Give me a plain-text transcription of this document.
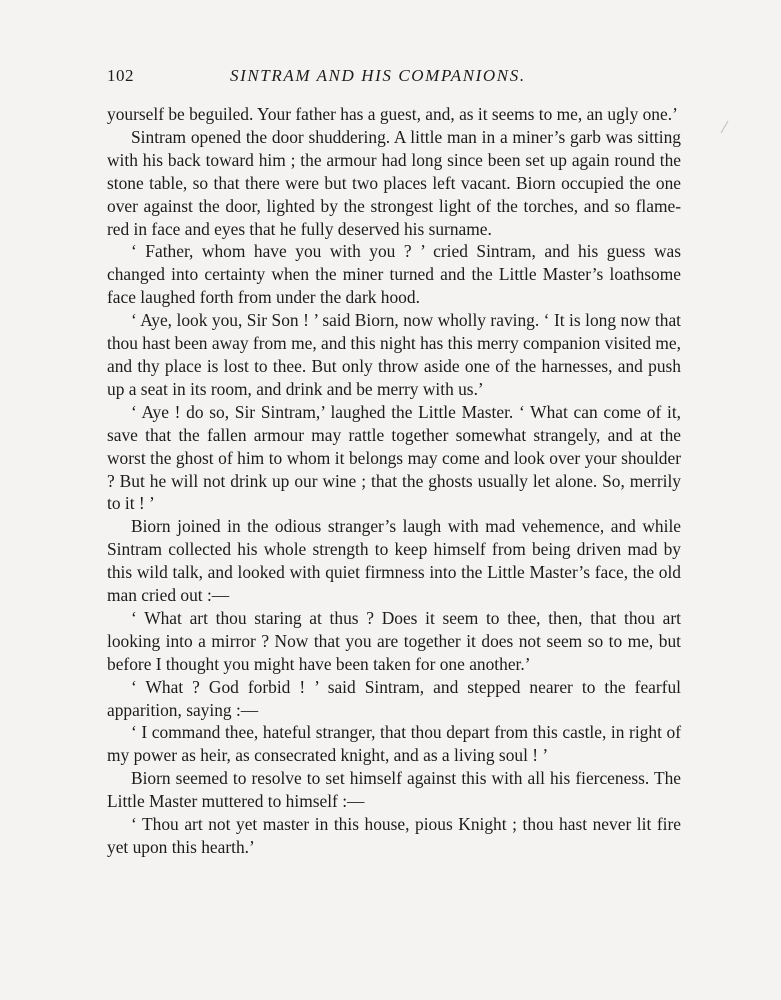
102	SINTRAM AND HIS COMPANIONS.

yourself be beguiled. Your father has a guest, and, as it seems to me, an ugly one.’

Sintram opened the door shuddering. A little man in a miner’s garb was sitting with his back toward him ; the armour had long since been set up again round the stone table, so that there were but two places left vacant. Biorn occupied the one over against the door, lighted by the strongest light of the torches, and so flame-red in face and eyes that he fully deserved his surname.

‘ Father, whom have you with you ? ’ cried Sintram, and his guess was changed into certainty when the miner turned and the Little Master’s loathsome face laughed forth from under the dark hood.

‘ Aye, look you, Sir Son ! ’ said Biorn, now wholly raving. ‘ It is long now that thou hast been away from me, and this night has this merry companion visited me, and thy place is lost to thee. But only throw aside one of the harnesses, and push up a seat in its room, and drink and be merry with us.’

‘ Aye ! do so, Sir Sintram,’ laughed the Little Master. ‘ What can come of it, save that the fallen armour may rattle together somewhat strangely, and at the worst the ghost of him to whom it belongs may come and look over your shoulder ? But he will not drink up our wine ; that the ghosts usually let alone. So, merrily to it ! ’

Biorn joined in the odious stranger’s laugh with mad vehemence, and while Sintram collected his whole strength to keep himself from being driven mad by this wild talk, and looked with quiet firmness into the Little Master’s face, the old man cried out :—

‘ What art thou staring at thus ? Does it seem to thee, then, that thou art looking into a mirror ? Now that you are together it does not seem so to me, but before I thought you might have been taken for one another.’

‘ What ? God forbid ! ’ said Sintram, and stepped nearer to the fearful apparition, saying :—

‘ I command thee, hateful stranger, that thou depart from this castle, in right of my power as heir, as consecrated knight, and as a living soul ! ’

Biorn seemed to resolve to set himself against this with all his fierceness. The Little Master muttered to himself :—

‘ Thou art not yet master in this house, pious Knight ; thou hast never lit fire yet upon this hearth.’
